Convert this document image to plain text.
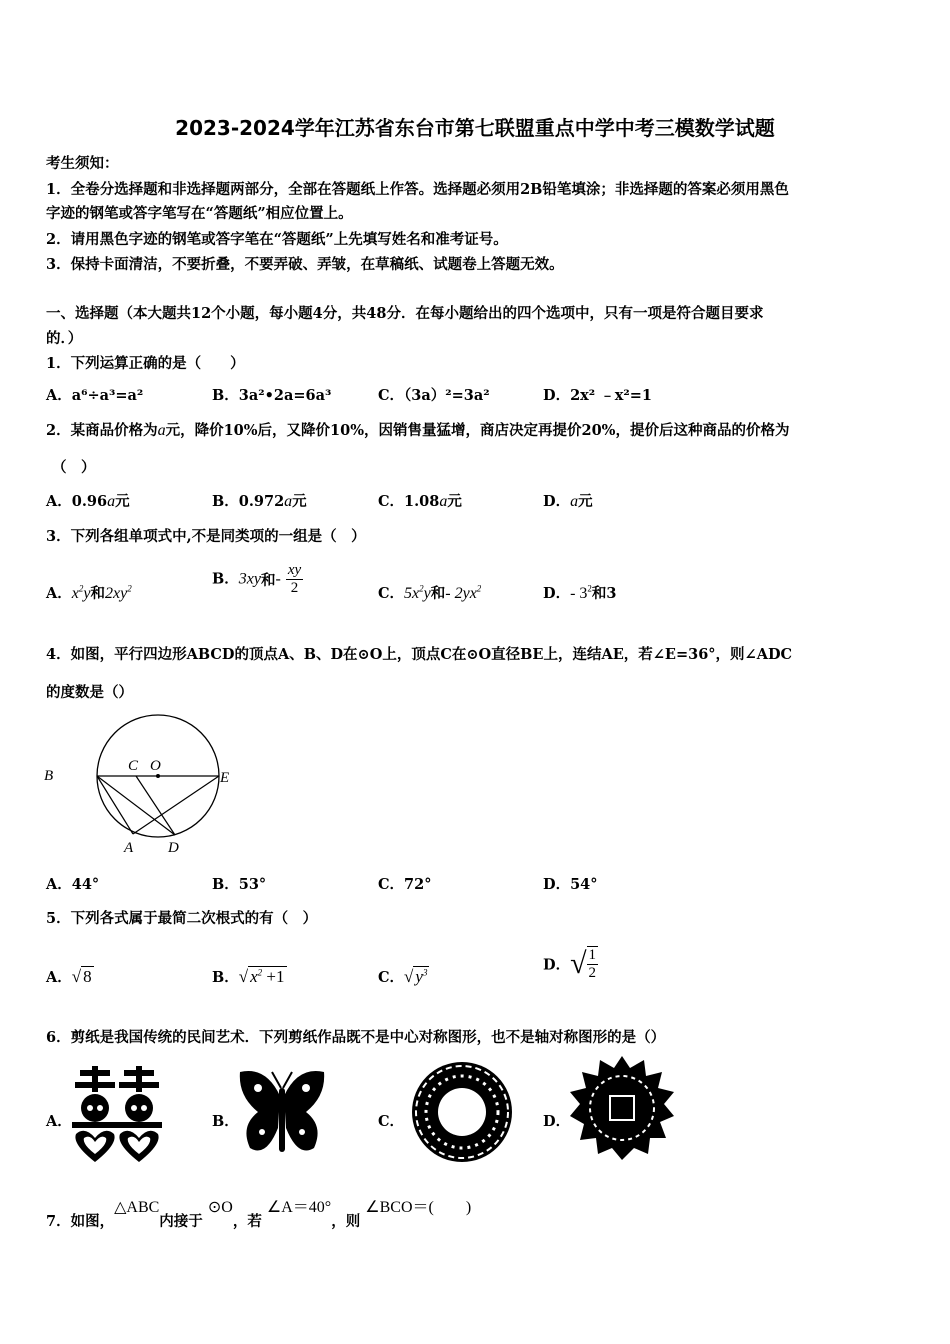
2023-2024学年江苏省东台市第七联盟重点中学中考三模数学试题
考生须知：
1．全卷分选择题和非选择题两部分，全部在答题纸上作答。选择题必须用2B铅笔填涂；非选择题的答案必须用黑色
字迹的钢笔或答字笔写在“答题纸”相应位置上。
2．请用黑色字迹的钢笔或答字笔在“答题纸”上先填写姓名和准考证号。
3．保持卡面清洁，不要折叠，不要弄破、弄皱，在草稿纸、试题卷上答题无效。
一、选择题（本大题共12个小题，每小题4分，共48分．在每小题给出的四个选项中，只有一项是符合题目要求
的．）
1．下列运算正确的是（　　）
A．a⁶÷a³=a²	B．3a²•2a=6a³	C．（3a）²=3a²	D．2x² ﹣x²=1
2．某商品价格为a元，降价10%后，又降价10%，因销售量猛增，商店决定再提价20%，提价后这种商品的价格为
（　）
A．0.96a元	B．0.972a元	C．1.08a元	D．a元
3．下列各组单项式中,不是同类项的一组是（　）
A．$x^2y$和$2xy^2$
B．3xy和- $\frac{xy}{2}$	C．$5x^2y$和- $2yx^2$	D．- $3^2$和3
4．如图，平行四边形ABCD的顶点A、B、D在⊙O上，顶点C在⊙O直径BE上，连结AE，若∠E=36°，则∠ADC
的度数是（）
B
C O
E
A D
A．44°	B．53°	C．72°	D．54°
5．下列各式属于最简二次根式的有（　）
A．√ 8	B．√ $x^2 +1$	C．√ $y^3$	D．√ $\frac{1}{2}$
6．剪纸是我国传统的民间艺术．下列剪纸作品既不是中心对称图形，也不是轴对称图形的是（）
A．	B．	C．	D．
7．如图，△ABC内接于 ⊙O，若 ∠A＝40°，则 ∠BCO＝(　　)
